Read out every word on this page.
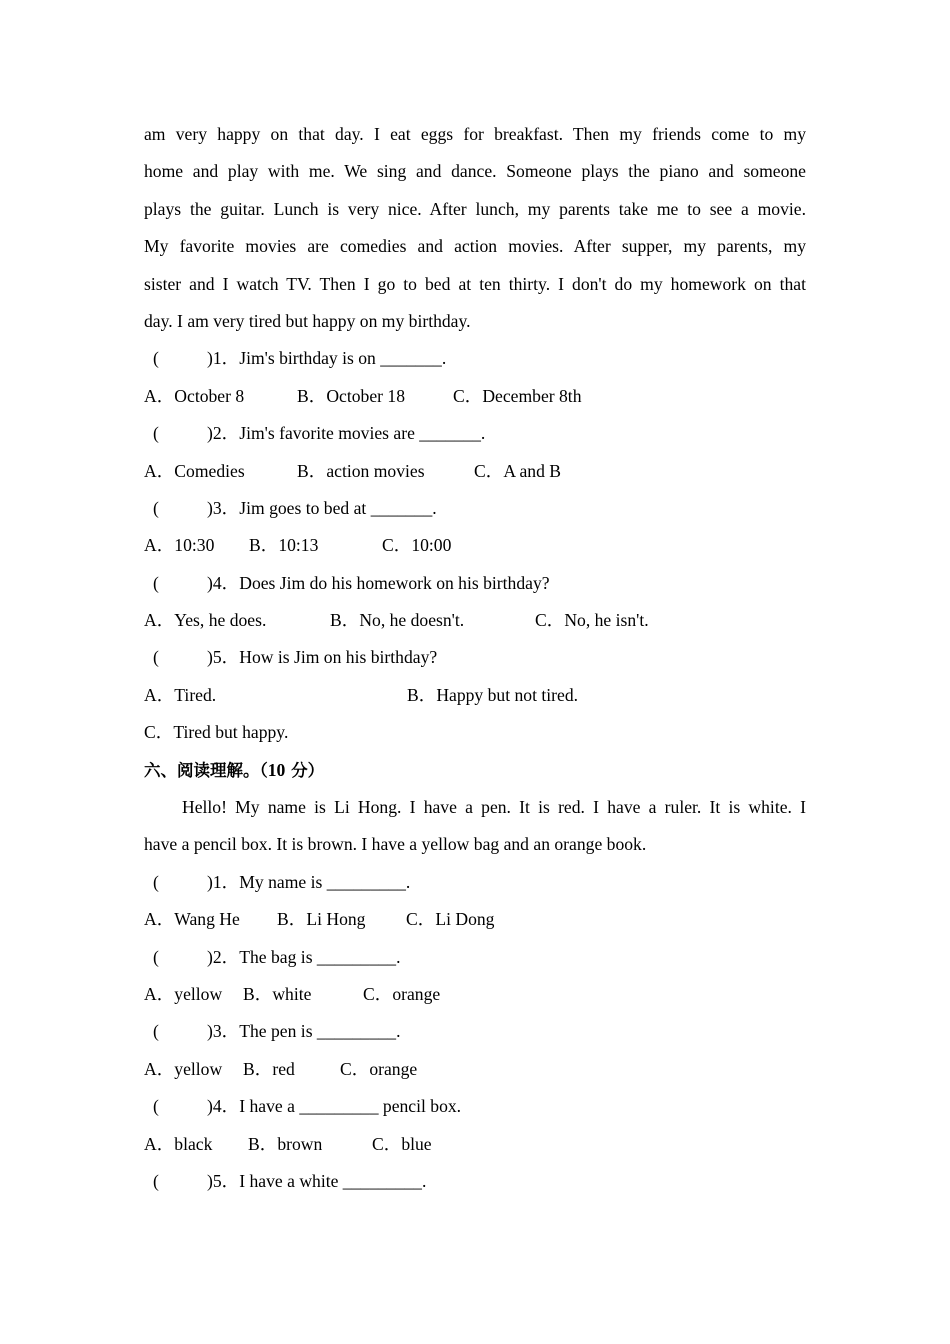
am very happy on that day. I eat eggs for breakfast. Then my friends come to my
home and play with me. We sing and dance. Someone plays the piano and someone
plays the guitar. Lunch is very nice. After lunch, my parents take me to see a movie.
My favorite movies are comedies and action movies. After supper, my parents, my
sister and I watch TV. Then I go to bed at ten thirty. I don't do my homework on that
day. I am very tired but happy on my birthday.
(	)1．Jim's birthday is on _______.
A．October 8	B．October 18	C．December 8th
(	)2．Jim's favorite movies are _______.
A．Comedies	B．action movies	C．A and B
(	)3．Jim goes to bed at _______.
A．10:30 B．10:13	C．10:00
(	)4．Does Jim do his homework on his birthday?
A．Yes, he does.	B．No, he doesn't.	C．No, he isn't.
(	)5．How is Jim on his birthday?
A．Tired.	B．Happy but not tired.
C．Tired but happy.
六、阅读理解。（10 分）
Hello! My name is Li Hong. I have a pen. It is red. I have a ruler. It is white. I
have a pencil box. It is brown. I have a yellow bag and an orange book.
(	)1．My name is _________.
A．Wang He B．Li Hong C．Li Dong
(	)2．The bag is _________.
A．yellow B．white	C．orange
(	)3．The pen is _________.
A．yellow B．red	C．orange
(	)4．I have a _________ pencil box.
A．black B．brown	C．blue
(	)5．I have a white _________.
